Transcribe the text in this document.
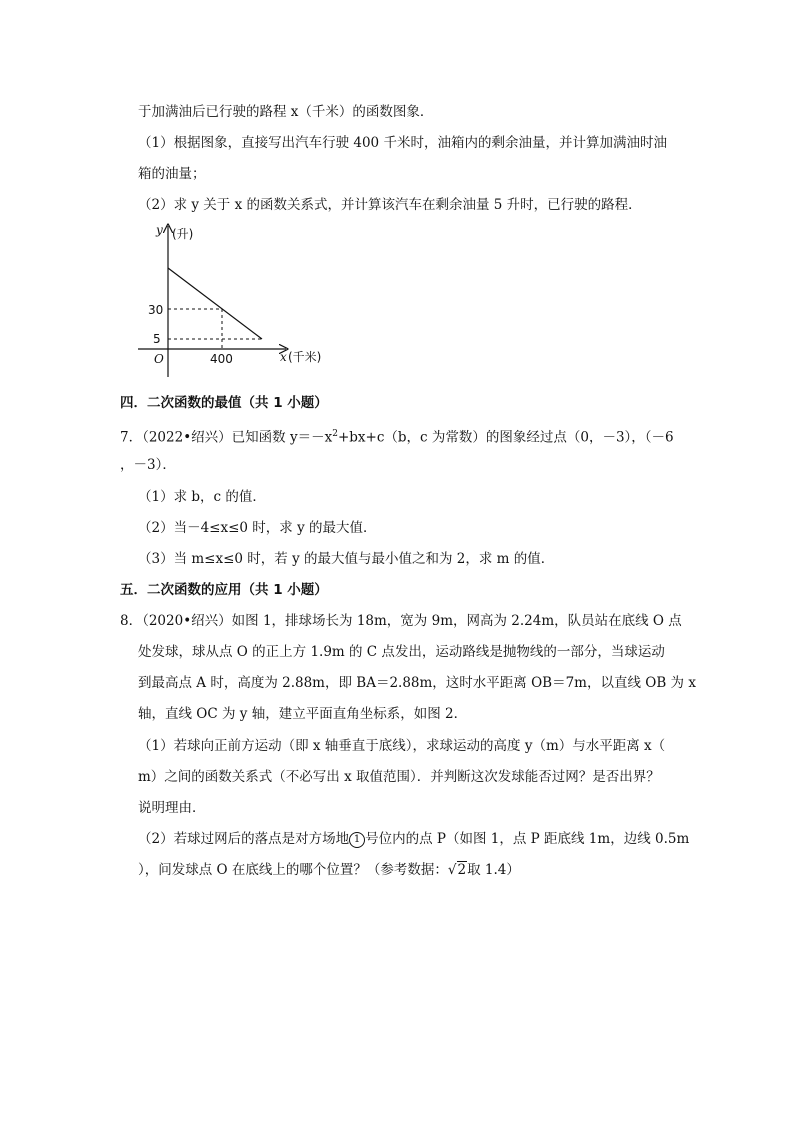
于加满油后已行驶的路程 x（千米）的函数图象．
（1）根据图象，直接写出汽车行驶 400 千米时，油箱内的剩余油量，并计算加满油时油
箱的油量；
（2）求 y 关于 x 的函数关系式，并计算该汽车在剩余油量 5 升时，已行驶的路程．
y (升)
30
5
O	400	x (千米)
四．二次函数的最值（共 1 小题）
7．（2022•绍兴）已知函数 $y=-x^2+bx+c(b$，c 为常数）的图象经过点（0，－3），（－6
，－3）．
（1）求 b，c 的值．
（2）当－4≤x≤0 时，求 y 的最大值．
（3）当 m≤x≤0 时，若 y 的最大值与最小值之和为 2，求 m 的值．
五．二次函数的应用（共 1 小题）
8．（2020•绍兴）如图 1，排球场长为 18m，宽为 9m，网高为 2.24m，队员站在底线 O 点
处发球，球从点 O 的正上方 1.9m 的 C 点发出，运动路线是抛物线的一部分，当球运动
到最高点 A 时，高度为 2.88m，即 BA＝2.88m，这时水平距离 OB＝7m，以直线 OB 为 x
轴，直线 OC 为 y 轴，建立平面直角坐标系，如图 2．
（1）若球向正前方运动（即 x 轴垂直于底线），求球运动的高度 y（m）与水平距离 x（
m）之间的函数关系式（不必写出 x 取值范围）．并判断这次发球能否过网？是否出界？
说明理由．
（2）若球过网后的落点是对方场地 1 号位内的点 P（如图 1，点 P 距底线 1m，边线 0.5m
），问发球点 O 在底线上的哪个位置？（参考数据：√2取 1.4）
